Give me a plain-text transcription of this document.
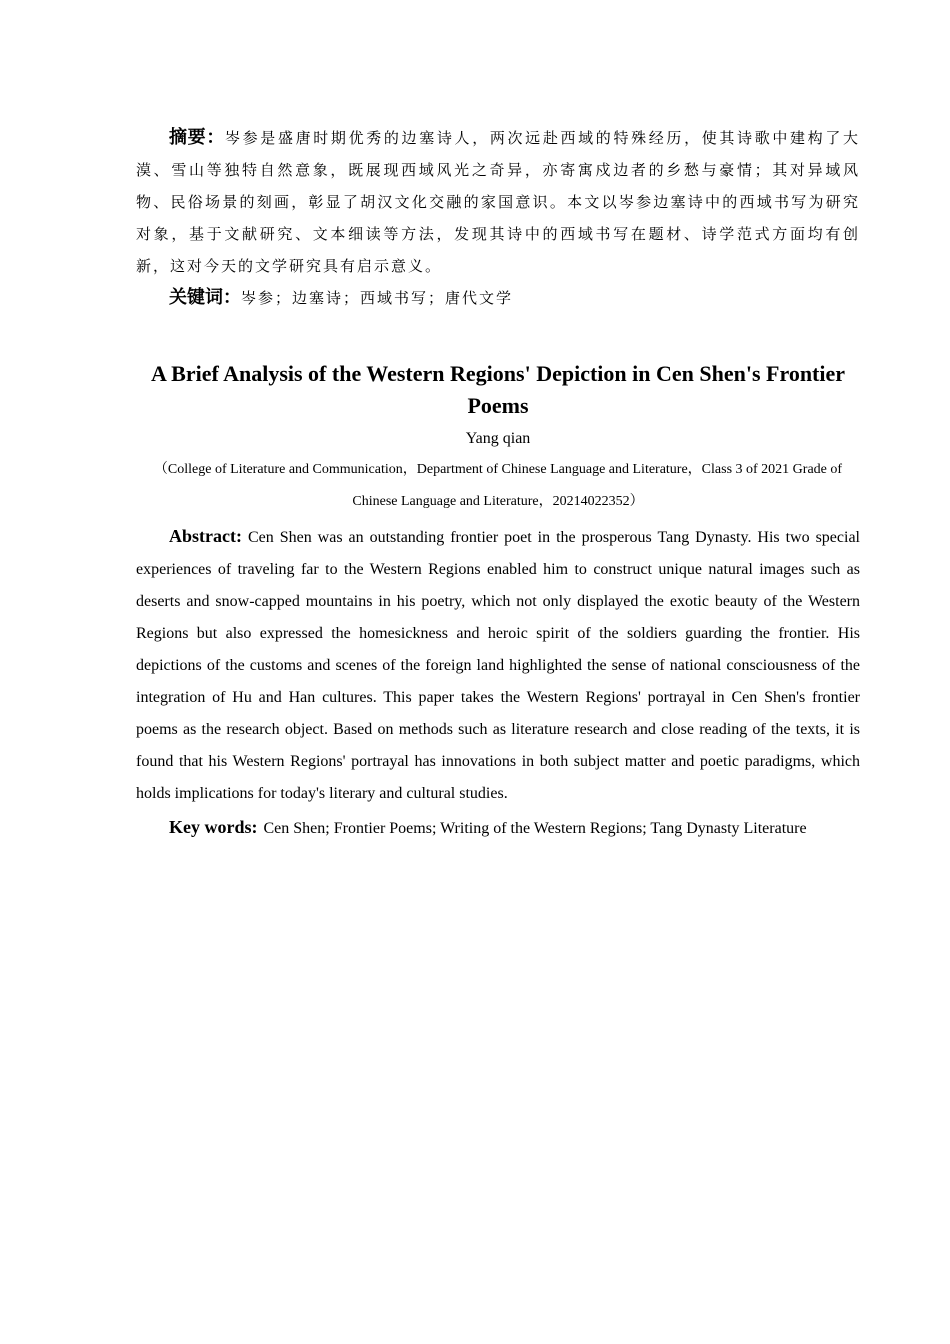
摘要：岑参是盛唐时期优秀的边塞诗人，两次远赴西域的特殊经历，使其诗歌中建构了大漠、雪山等独特自然意象，既展现西域风光之奇异，亦寄寓戍边者的乡愁与豪情；其对异域风物、民俗场景的刻画，彰显了胡汉文化交融的家国意识。本文以岑参边塞诗中的西域书写为研究对象，基于文献研究、文本细读等方法，发现其诗中的西域书写在题材、诗学范式方面均有创新，这对今天的文学研究具有启示意义。

关键词：岑参；边塞诗；西域书写；唐代文学

A Brief Analysis of the Western Regions' Depiction in Cen Shen's Frontier Poems

Yang qian

（College of Literature and Communication，Department of Chinese Language and Literature，Class 3 of 2021 Grade of Chinese Language and Literature，20214022352）

Abstract: Cen Shen was an outstanding frontier poet in the prosperous Tang Dynasty. His two special experiences of traveling far to the Western Regions enabled him to construct unique natural images such as deserts and snow-capped mountains in his poetry, which not only displayed the exotic beauty of the Western Regions but also expressed the homesickness and heroic spirit of the soldiers guarding the frontier. His depictions of the customs and scenes of the foreign land highlighted the sense of national consciousness of the integration of Hu and Han cultures. This paper takes the Western Regions' portrayal in Cen Shen's frontier poems as the research object. Based on methods such as literature research and close reading of the texts, it is found that his Western Regions' portrayal has innovations in both subject matter and poetic paradigms, which holds implications for today's literary and cultural studies.

Key words: Cen Shen; Frontier Poems; Writing of the Western Regions; Tang Dynasty Literature
